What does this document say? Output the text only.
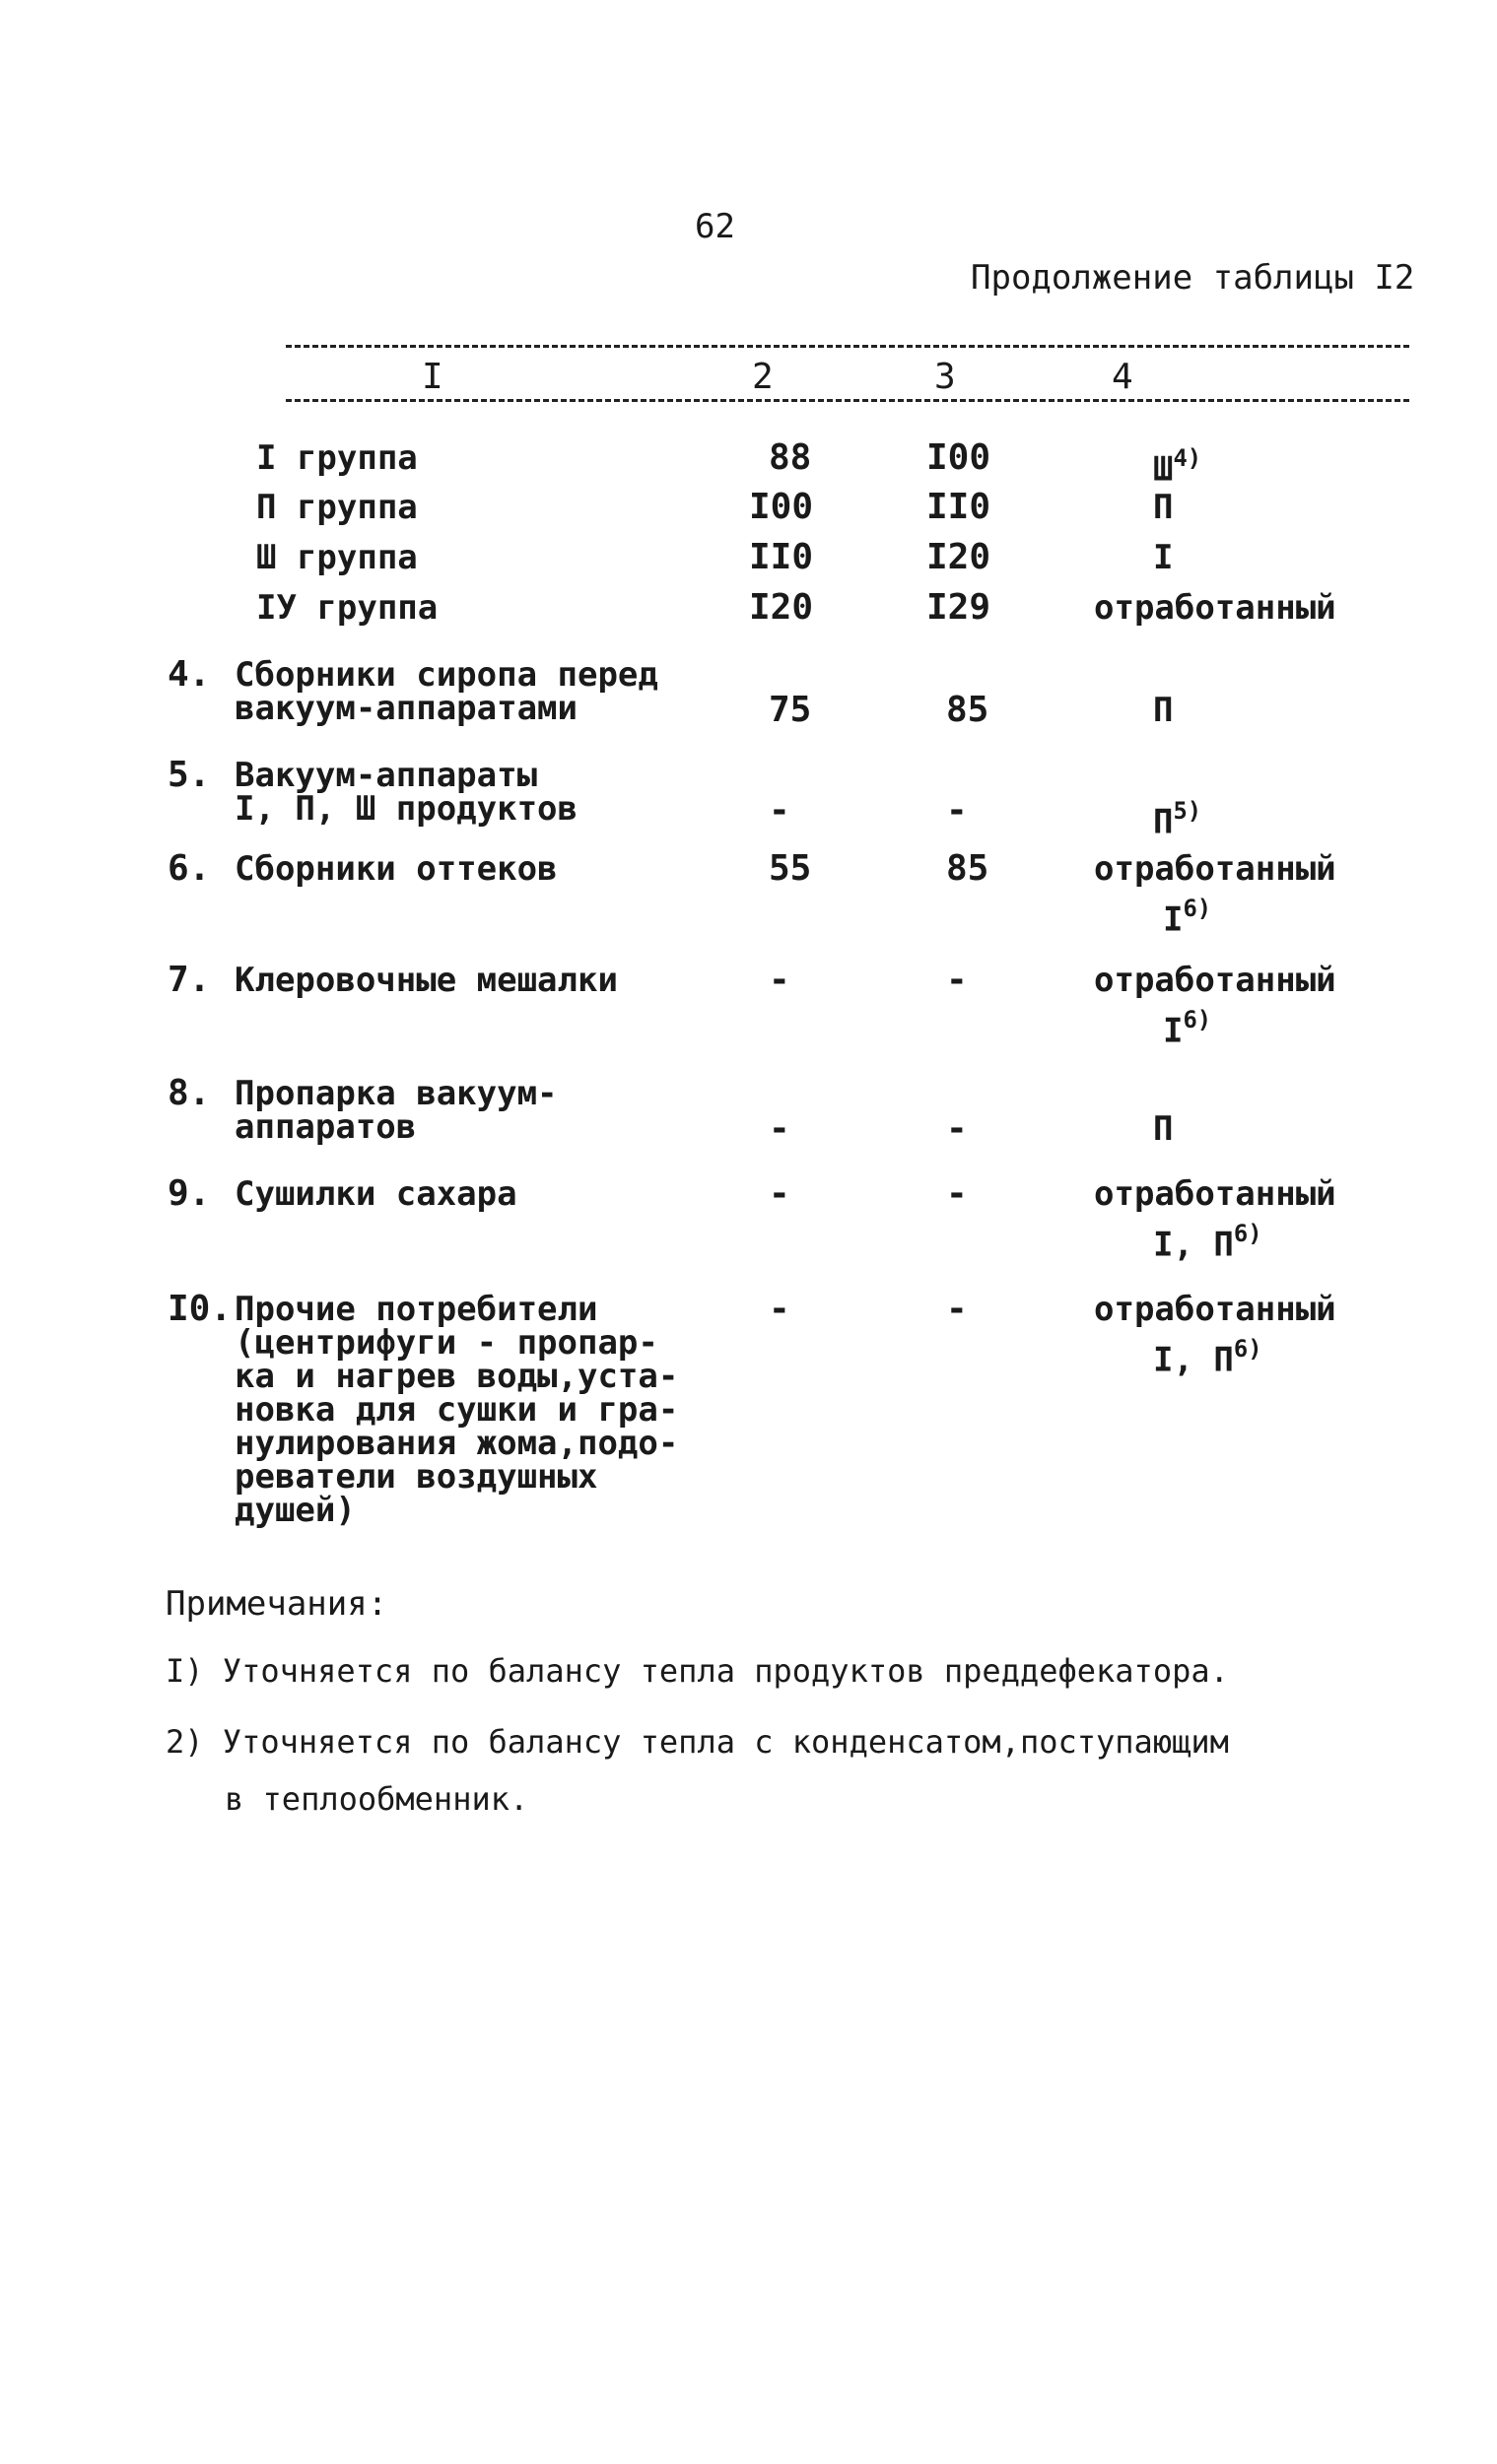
62
Продолжение таблицы I2
I	2	3	4
I группа	88	I00	$Ш^{4)}$
П группа	I00	II0	П
Ш группа	II0	I20	I
IУ группа	I20	I29	отработанный
4. Сборники сиропа перед
вакуум-аппаратами	75	85	П
5. Вакуум-аппараты
I, П, Ш продуктов	-	-	$П^{5)}$
6. Сборники оттеков	55	85	отработанный
$I^{6)}$
7. Клеровочные мешалки	-	-	отработанный
$I^{6)}$
8. Пропарка вакуум-
аппаратов	-	-	П
9. Сушилки сахара	-	-	отработанный
I, $П^{6)}$
I0. Прочие потребители
(центрифуги - пропар-
ка и нагрев воды,уста-
новка для сушки и гра-
нулирования жома,подо-
реватели воздушных
душей)
-	-	отработанный
I, $П^{6)}$
Примечания:
I) Уточняется по балансу тепла продуктов преддефекатора.
2) Уточняется по балансу тепла с конденсатом,поступающим
в теплообменник.
